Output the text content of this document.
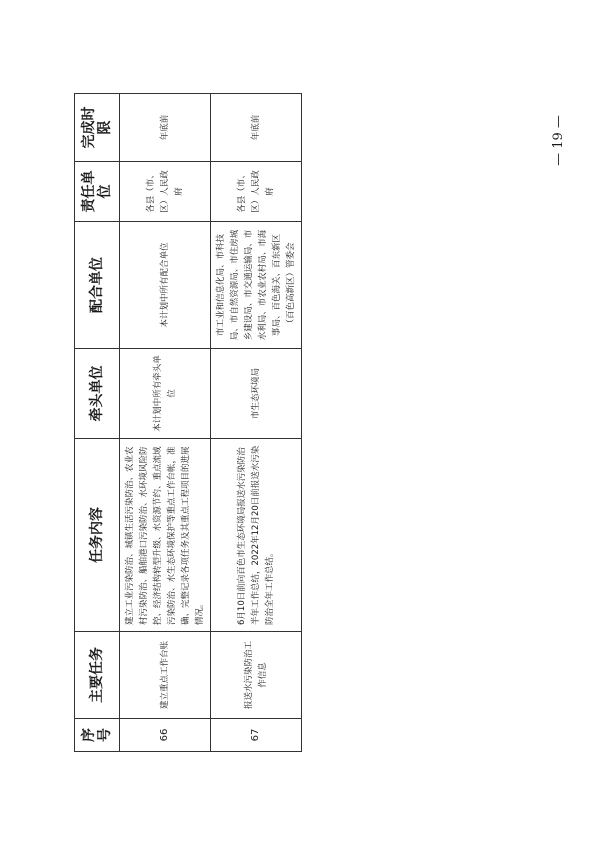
— 19 —
序号	主要任务	任务内容	牵头单位	配合单位	责任单位	完成时限
66	建立重点工作台账	建立工业污染防治、城镇生活污染防治、农业农村污染防治、船舶港口污染防治、水环境风险防控、经济结构转型升级、水资源节约、重点流域污染防治、水生态环境保护等重点工作台帐，准确、完整记录各项任务及其重点工程项目的进展情况。	本计划中所有牵头单位	本计划中所有配合单位	各县（市、区）人民政府	年底前
67	报送水污染防治工作信息	6月10日前向百色市生态环境局报送水污染防治半年工作总结，2022年12月20日前报送水污染防治全年工作总结。	市生态环境局	市工业和信息化局、市科技局、市自然资源局、市住房城乡建设局、市交通运输局、市水利局、市农业农村局、市海事局、百色海关、百东新区（百色高新区）管委会	各县（市、区）人民政府	年底前
